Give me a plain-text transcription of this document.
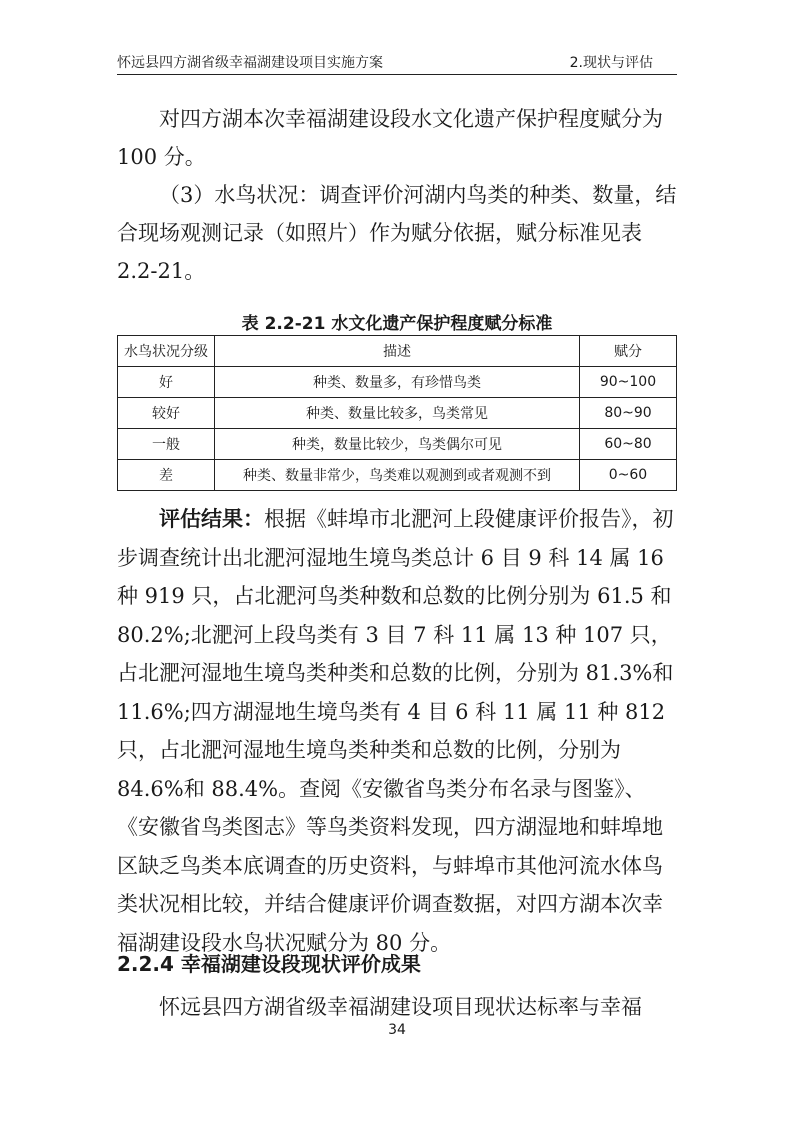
怀远县四方湖省级幸福湖建设项目实施方案	2.现状与评估

对四方湖本次幸福湖建设段水文化遗产保护程度赋分为 100 分。

（3）水鸟状况：调查评价河湖内鸟类的种类、数量，结合现场观测记录（如照片）作为赋分依据，赋分标准见表 2.2-21。

表 2.2-21 水文化遗产保护程度赋分标准
水鸟状况分级	描述	赋分
好	种类、数量多，有珍惜鸟类	90~100
较好	种类、数量比较多，鸟类常见	80~90
一般	种类，数量比较少，鸟类偶尔可见	60~80
差	种类、数量非常少，鸟类难以观测到或者观测不到	0~60

评估结果：根据《蚌埠市北淝河上段健康评价报告》，初步调查统计出北淝河湿地生境鸟类总计 6 目 9 科 14 属 16 种 919 只，占北淝河鸟类种数和总数的比例分别为 61.5 和 80.2%;北淝河上段鸟类有 3 目 7 科 11 属 13 种 107 只，占北淝河湿地生境鸟类种类和总数的比例，分别为 81.3%和 11.6%;四方湖湿地生境鸟类有 4 目 6 科 11 属 11 种 812 只，占北淝河湿地生境鸟类种类和总数的比例，分别为 84.6%和 88.4%。查阅《安徽省鸟类分布名录与图鉴》、《安徽省鸟类图志》等鸟类资料发现，四方湖湿地和蚌埠地区缺乏鸟类本底调查的历史资料，与蚌埠市其他河流水体鸟类状况相比较，并结合健康评价调查数据，对四方湖本次幸福湖建设段水鸟状况赋分为 80 分。

2.2.4 幸福湖建设段现状评价成果

怀远县四方湖省级幸福湖建设项目现状达标率与幸福

34
